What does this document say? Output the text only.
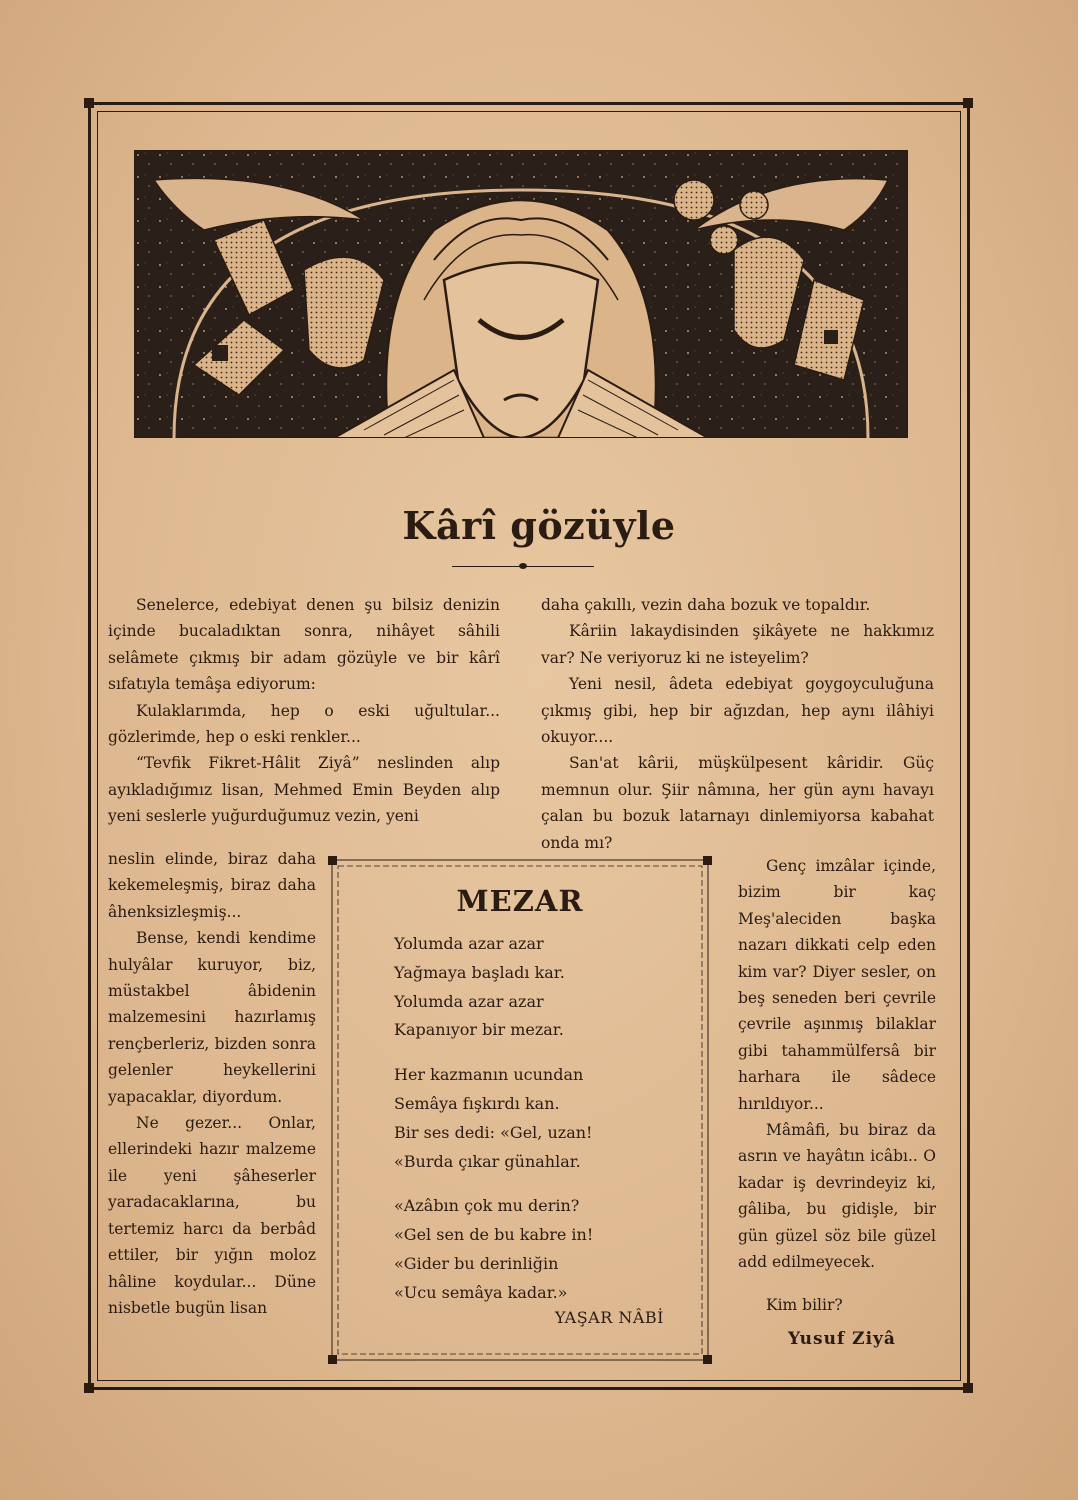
Kârî gözüyle

Senelerce, edebiyat denen şu bilsiz denizin içinde bucaladıktan sonra, nihâyet sâhili selâmete çıkmış bir adam gözüyle ve bir kârî sıfatıyla temâşa ediyorum:

Kulaklarımda, hep o eski uğultular... gözlerimde, hep o eski renkler...

“Tevfik Fikret-Hâlit Ziyâ” neslinden alıp ayıkladığımız lisan, Mehmed Emin Beyden alıp yeni seslerle yuğurduğumuz vezin, yeni

neslin elinde, biraz daha kekemeleşmiş, biraz daha âhenksizleşmiş...

Bense, kendi kendime hulyâlar kuruyor, biz, müstakbel âbidenin malzemesini hazırlamış rençberleriz, bizden sonra gelenler heykellerini yapacaklar, diyordum.

Ne gezer... Onlar, ellerindeki hazır malzeme ile yeni şâheserler yaradacaklarına, bu tertemiz harcı da berbâd ettiler, bir yığın moloz hâline koydular... Düne nisbetle bugün lisan

daha çakıllı, vezin daha bozuk ve topaldır.

Kâriin lakaydisinden şikâyete ne hakkımız var? Ne veriyoruz ki ne isteyelim?

Yeni nesil, âdeta edebiyat goygoyculuğuna çıkmış gibi, hep bir ağızdan, hep aynı ilâhiyi okuyor....

San'at kârii, müşkülpesent kâridir. Güç memnun olur. Şiir nâmına, her gün aynı havayı çalan bu bozuk latarnayı dinlemiyorsa kabahat onda mı?

Genç imzâlar içinde, bizim bir kaç Meş'aleciden başka nazarı dikkati celp eden kim var? Diyer sesler, on beş seneden beri çevrile çevrile aşınmış bilaklar gibi tahammülfersâ bir harhara ile sâdece hırıldıyor...

Mâmâfi, bu biraz da asrın ve hayâtın icâbı.. O kadar iş devrindeyiz ki, gâliba, bu gidişle, bir gün güzel söz bile güzel add edilmeyecek.

Kim bilir?
Yusuf Ziyâ
MEZAR
Yolumda azar azar
Yağmaya başladı kar.
Yolumda azar azar
Kapanıyor bir mezar.
Her kazmanın ucundan
Semâya fışkırdı kan.
Bir ses dedi: «Gel, uzan!
«Burda çıkar günahlar.
«Azâbın çok mu derin?
«Gel sen de bu kabre in!
«Gider bu derinliğin
«Ucu semâya kadar.»
YAŞAR NÂBİ
